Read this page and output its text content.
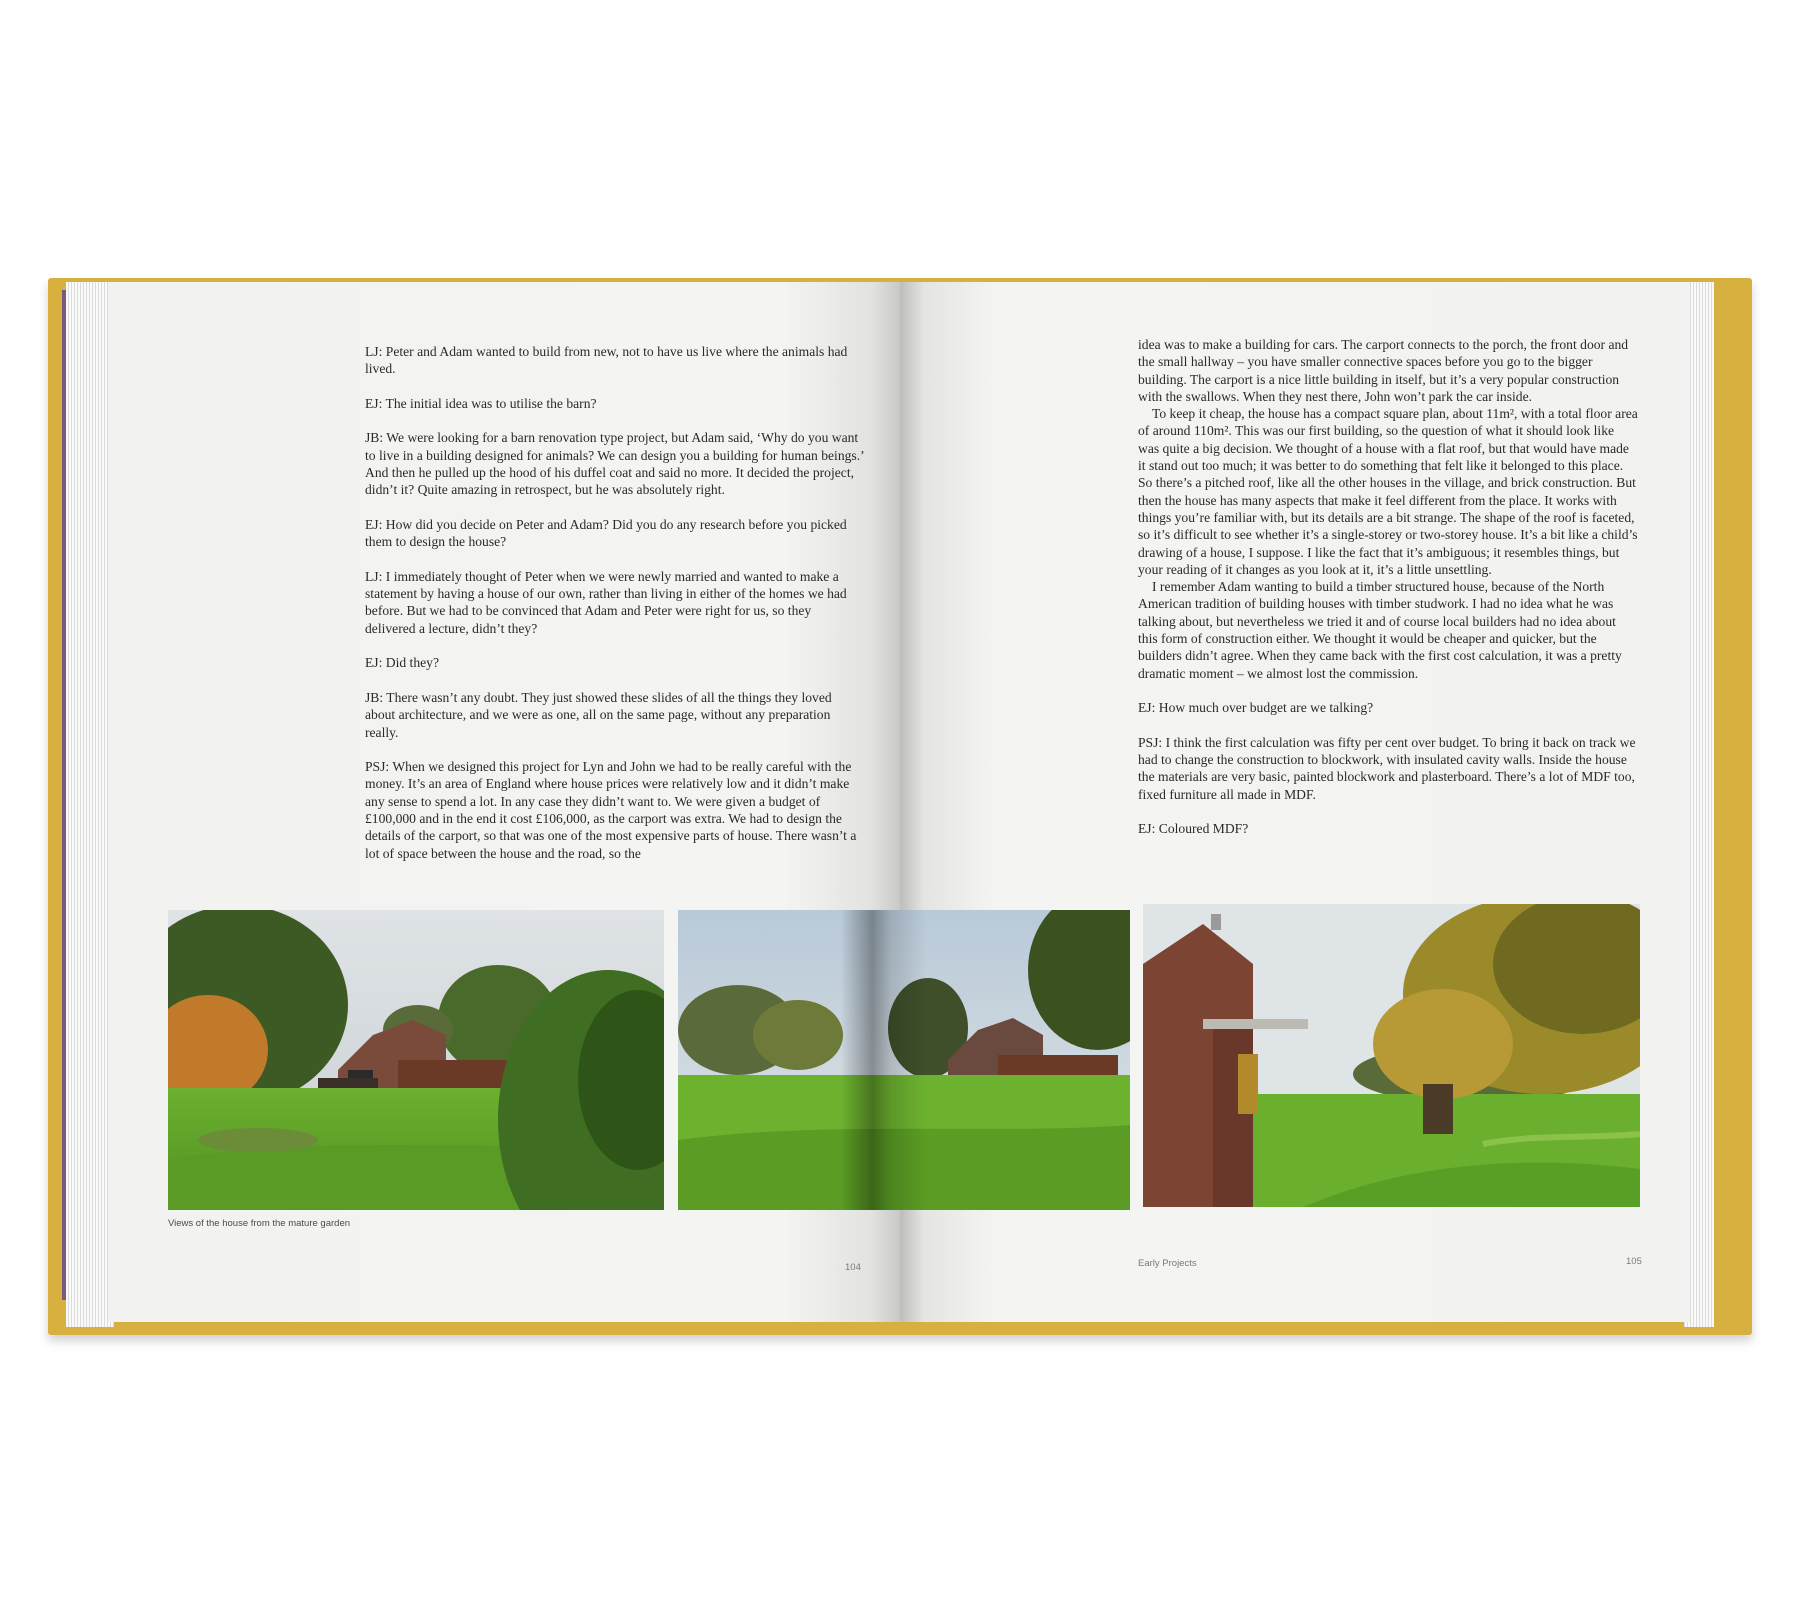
LJ: Peter and Adam wanted to build from new, not to have us live where the animals had lived.

EJ: The initial idea was to utilise the barn?

JB: We were looking for a barn renovation type project, but Adam said, ‘Why do you want to live in a building designed for animals? We can design you a building for human beings.’ And then he pulled up the hood of his duffel coat and said no more. It decided the project, didn’t it? Quite amazing in retrospect, but he was absolutely right.

EJ: How did you decide on Peter and Adam? Did you do any research before you picked them to design the house?

LJ: I immediately thought of Peter when we were newly married and wanted to make a statement by having a house of our own, rather than living in either of the homes we had before. But we had to be convinced that Adam and Peter were right for us, so they delivered a lecture, didn’t they?

EJ: Did they?

JB: There wasn’t any doubt. They just showed these slides of all the things they loved about architecture, and we were as one, all on the same page, without any preparation really.

PSJ: When we designed this project for Lyn and John we had to be really careful with the money. It’s an area of England where house prices were relatively low and it didn’t make any sense to spend a lot. In any case they didn’t want to. We were given a budget of £100,000 and in the end it cost £106,000, as the carport was extra. We had to design the details of the carport, so that was one of the most expensive parts of house. There wasn’t a lot of space between the house and the road, so the

idea was to make a building for cars. The carport connects to the porch, the front door and the small hallway – you have smaller connective spaces before you go to the bigger building. The carport is a nice little building in itself, but it’s a very popular construction with the swallows. When they nest there, John won’t park the car inside.

To keep it cheap, the house has a compact square plan, about 11m², with a total floor area of around 110m². This was our first building, so the question of what it should look like was quite a big decision. We thought of a house with a flat roof, but that would have made it stand out too much; it was better to do something that felt like it belonged to this place. So there’s a pitched roof, like all the other houses in the village, and brick construction. But then the house has many aspects that make it feel different from the place. It works with things you’re familiar with, but its details are a bit strange. The shape of the roof is faceted, so it’s difficult to see whether it’s a single-storey or two-storey house. It’s a bit like a child’s drawing of a house, I suppose. I like the fact that it’s ambiguous; it resembles things, but your reading of it changes as you look at it, it’s a little unsettling.

I remember Adam wanting to build a timber structured house, because of the North American tradition of building houses with timber studwork. I had no idea what he was talking about, but nevertheless we tried it and of course local builders had no idea about this form of construction either. We thought it would be cheaper and quicker, but the builders didn’t agree. When they came back with the first cost calculation, it was a pretty dramatic moment – we almost lost the commission.

EJ: How much over budget are we talking?

PSJ: I think the first calculation was fifty per cent over budget. To bring it back on track we had to change the construction to blockwork, with insulated cavity walls. Inside the house the materials are very basic, painted blockwork and plasterboard. There’s a lot of MDF too, fixed furniture all made in MDF.

EJ: Coloured MDF?

Views of the house from the mature garden
104	Early Projects	105
